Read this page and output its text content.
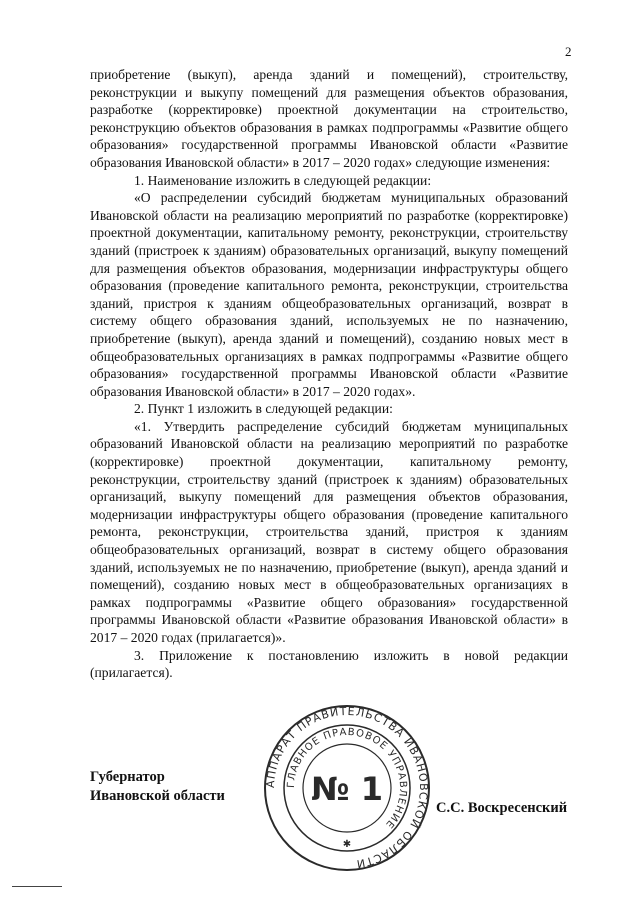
2

приобретение (выкуп), аренда зданий и помещений), строительству, реконструкции и выкупу помещений для размещения объектов образования, разработке (корректировке) проектной документации на строительство, реконструкцию объектов образования в рамках подпрограммы «Развитие общего образования» государственной программы Ивановской области «Развитие образования Ивановской области» в 2017 – 2020 годах» следующие изменения:

1. Наименование изложить в следующей редакции:

«О распределении субсидий бюджетам муниципальных образований Ивановской области на реализацию мероприятий по разработке (корректировке) проектной документации, капитальному ремонту, реконструкции, строительству зданий (пристроек к зданиям) образовательных организаций, выкупу помещений для размещения объектов образования, модернизации инфраструктуры общего образования (проведение капитального ремонта, реконструкции, строительства зданий, пристроя к зданиям общеобразовательных организаций, возврат в систему общего образования зданий, используемых не по назначению, приобретение (выкуп), аренда зданий и помещений), созданию новых мест в общеобразовательных организациях в рамках подпрограммы «Развитие общего образования» государственной программы Ивановской области «Развитие образования Ивановской области» в 2017 – 2020 годах».

2. Пункт 1 изложить в следующей редакции:

«1. Утвердить распределение субсидий бюджетам муниципальных образований Ивановской области на реализацию мероприятий по разработке (корректировке) проектной документации, капитальному ремонту, реконструкции, строительству зданий (пристроек к зданиям) образовательных организаций, выкупу помещений для размещения объектов образования, модернизации инфраструктуры общего образования (проведение капитального ремонта, реконструкции, строительства зданий, пристроя к зданиям общеобразовательных организаций, возврат в систему общего образования зданий, используемых не по назначению, приобретение (выкуп), аренда зданий и помещений), созданию новых мест в общеобразовательных организациях в рамках подпрограммы «Развитие общего образования» государственной программы Ивановской области «Развитие образования Ивановской области» в 2017 – 2020 годах (прилагается)».

3. Приложение к постановлению изложить в новой редакции (прилагается).

АППАРАТ ПРАВИТЕЛЬСТВА ИВАНОВСКОЙ ОБЛАСТИ
ГЛАВНОЕ ПРАВОВОЕ УПРАВЛЕНИЕ
№ 1
✱
Губернатор
Ивановской области
С.С. Воскресенский
